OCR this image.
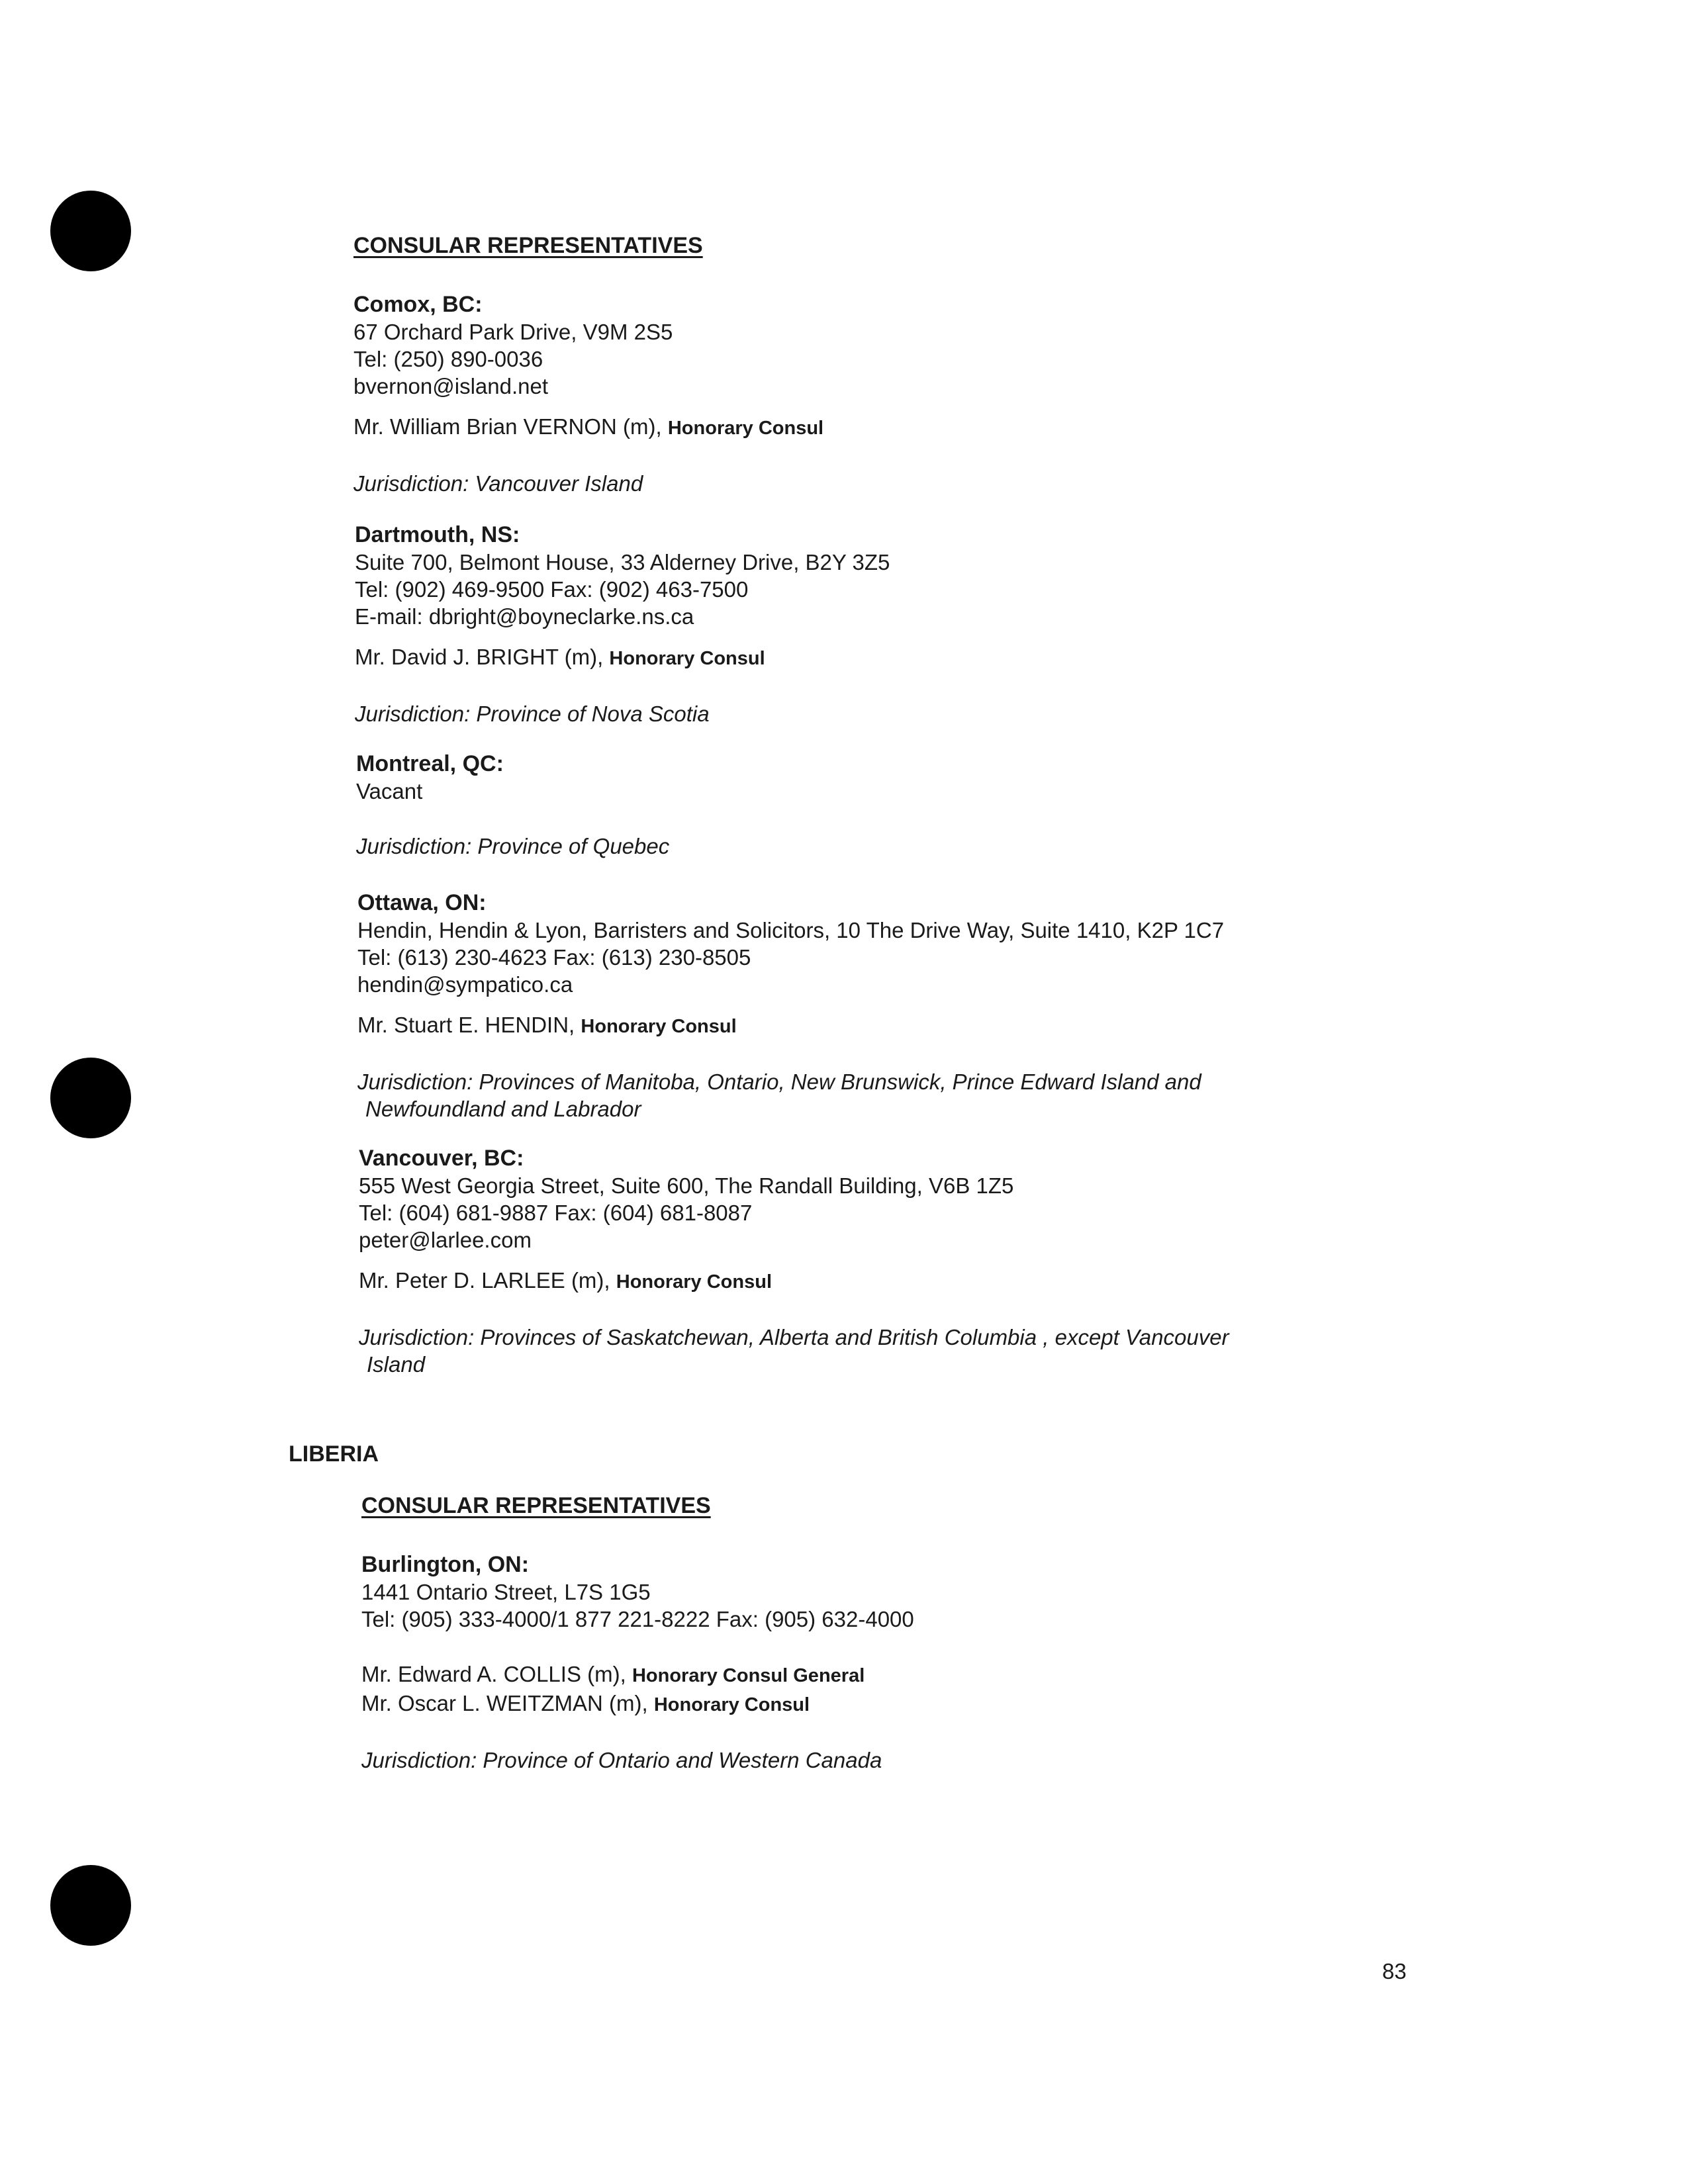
CONSULAR REPRESENTATIVES
Comox, BC:
67 Orchard Park Drive, V9M 2S5
Tel: (250) 890-0036
bvernon@island.net
Mr. William Brian VERNON (m), Honorary Consul
Jurisdiction: Vancouver Island
Dartmouth, NS:
Suite 700, Belmont House, 33 Alderney Drive, B2Y 3Z5
Tel: (902) 469-9500 Fax: (902) 463-7500
E-mail: dbright@boyneclarke.ns.ca
Mr. David J. BRIGHT (m), Honorary Consul
Jurisdiction: Province of Nova Scotia
Montreal, QC:
Vacant
Jurisdiction: Province of Quebec
Ottawa, ON:
Hendin, Hendin & Lyon, Barristers and Solicitors, 10 The Drive Way, Suite 1410, K2P 1C7
Tel: (613) 230-4623 Fax: (613) 230-8505
hendin@sympatico.ca
Mr. Stuart E. HENDIN, Honorary Consul
Jurisdiction: Provinces of Manitoba, Ontario, New Brunswick, Prince Edward Island and
Newfoundland and Labrador
Vancouver, BC:
555 West Georgia Street, Suite 600, The Randall Building, V6B 1Z5
Tel: (604) 681-9887 Fax: (604) 681-8087
peter@larlee.com
Mr. Peter D. LARLEE (m), Honorary Consul
Jurisdiction: Provinces of Saskatchewan, Alberta and British Columbia , except Vancouver
Island
LIBERIA
CONSULAR REPRESENTATIVES
Burlington, ON:
1441 Ontario Street, L7S 1G5
Tel: (905) 333-4000/1 877 221-8222 Fax: (905) 632-4000
Mr. Edward A. COLLIS (m), Honorary Consul General
Mr. Oscar L. WEITZMAN (m), Honorary Consul
Jurisdiction: Province of Ontario and Western Canada
83
